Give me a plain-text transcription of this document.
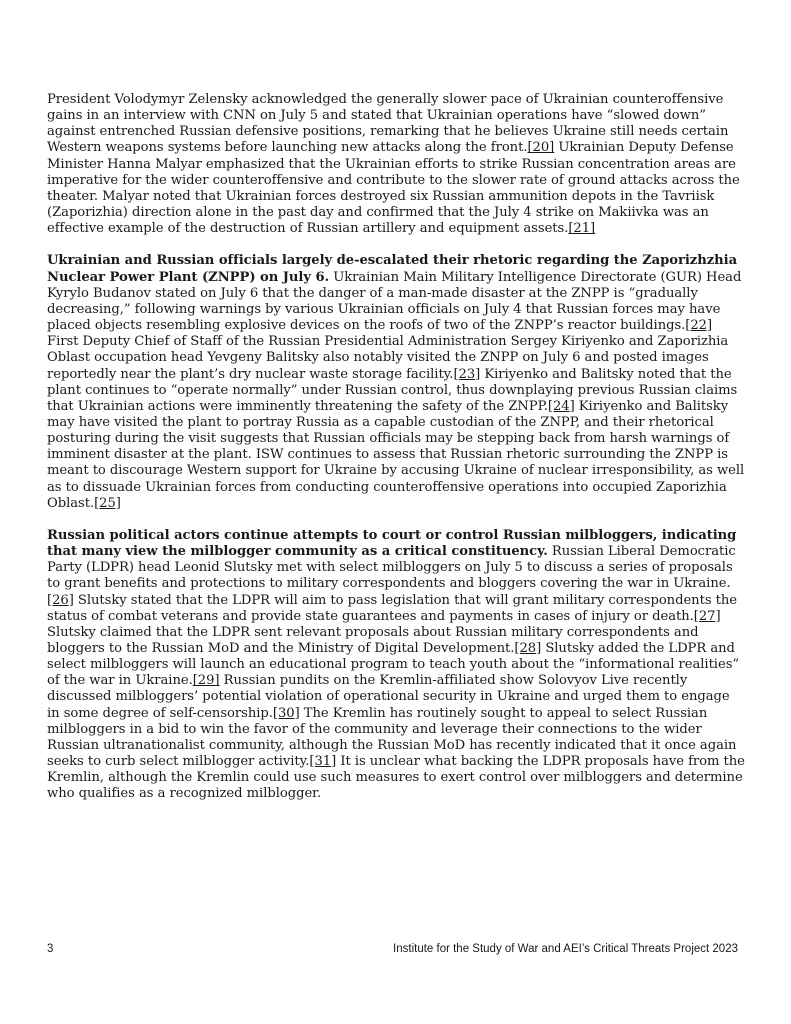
President Volodymyr Zelensky acknowledged the generally slower pace of Ukrainian counteroffensive gains in an interview with CNN on July 5 and stated that Ukrainian operations have “slowed down” against entrenched Russian defensive positions, remarking that he believes Ukraine still needs certain Western weapons systems before launching new attacks along the front.[20] Ukrainian Deputy Defense Minister Hanna Malyar emphasized that the Ukrainian efforts to strike Russian concentration areas are imperative for the wider counteroffensive and contribute to the slower rate of ground attacks across the theater. Malyar noted that Ukrainian forces destroyed six Russian ammunition depots in the Tavriisk (Zaporizhia) direction alone in the past day and confirmed that the July 4 strike on Makiivka was an effective example of the destruction of Russian artillery and equipment assets.[21]

Ukrainian and Russian officials largely de-escalated their rhetoric regarding the Zaporizhzhia Nuclear Power Plant (ZNPP) on July 6. Ukrainian Main Military Intelligence Directorate (GUR) Head Kyrylo Budanov stated on July 6 that the danger of a man-made disaster at the ZNPP is “gradually decreasing,” following warnings by various Ukrainian officials on July 4 that Russian forces may have placed objects resembling explosive devices on the roofs of two of the ZNPP’s reactor buildings.[22] First Deputy Chief of Staff of the Russian Presidential Administration Sergey Kiriyenko and Zaporizhia Oblast occupation head Yevgeny Balitsky also notably visited the ZNPP on July 6 and posted images reportedly near the plant’s dry nuclear waste storage facility.[23] Kiriyenko and Balitsky noted that the plant continues to “operate normally” under Russian control, thus downplaying previous Russian claims that Ukrainian actions were imminently threatening the safety of the ZNPP.[24] Kiriyenko and Balitsky may have visited the plant to portray Russia as a capable custodian of the ZNPP, and their rhetorical posturing during the visit suggests that Russian officials may be stepping back from harsh warnings of imminent disaster at the plant. ISW continues to assess that Russian rhetoric surrounding the ZNPP is meant to discourage Western support for Ukraine by accusing Ukraine of nuclear irresponsibility, as well as to dissuade Ukrainian forces from conducting counteroffensive operations into occupied Zaporizhia Oblast.[25]

Russian political actors continue attempts to court or control Russian milbloggers, indicating that many view the milblogger community as a critical constituency. Russian Liberal Democratic Party (LDPR) head Leonid Slutsky met with select milbloggers on July 5 to discuss a series of proposals to grant benefits and protections to military correspondents and bloggers covering the war in Ukraine.[26] Slutsky stated that the LDPR will aim to pass legislation that will grant military correspondents the status of combat veterans and provide state guarantees and payments in cases of injury or death.[27] Slutsky claimed that the LDPR sent relevant proposals about Russian military correspondents and bloggers to the Russian MoD and the Ministry of Digital Development.[28] Slutsky added the LDPR and select milbloggers will launch an educational program to teach youth about the “informational realities” of the war in Ukraine.[29] Russian pundits on the Kremlin-affiliated show Solovyov Live recently discussed milbloggers’ potential violation of operational security in Ukraine and urged them to engage in some degree of self-censorship.[30] The Kremlin has routinely sought to appeal to select Russian milbloggers in a bid to win the favor of the community and leverage their connections to the wider Russian ultranationalist community, although the Russian MoD has recently indicated that it once again seeks to curb select milblogger activity.[31] It is unclear what backing the LDPR proposals have from the Kremlin, although the Kremlin could use such measures to exert control over milbloggers and determine who qualifies as a recognized milblogger.

3	Institute for the Study of War and AEI’s Critical Threats Project 2023
